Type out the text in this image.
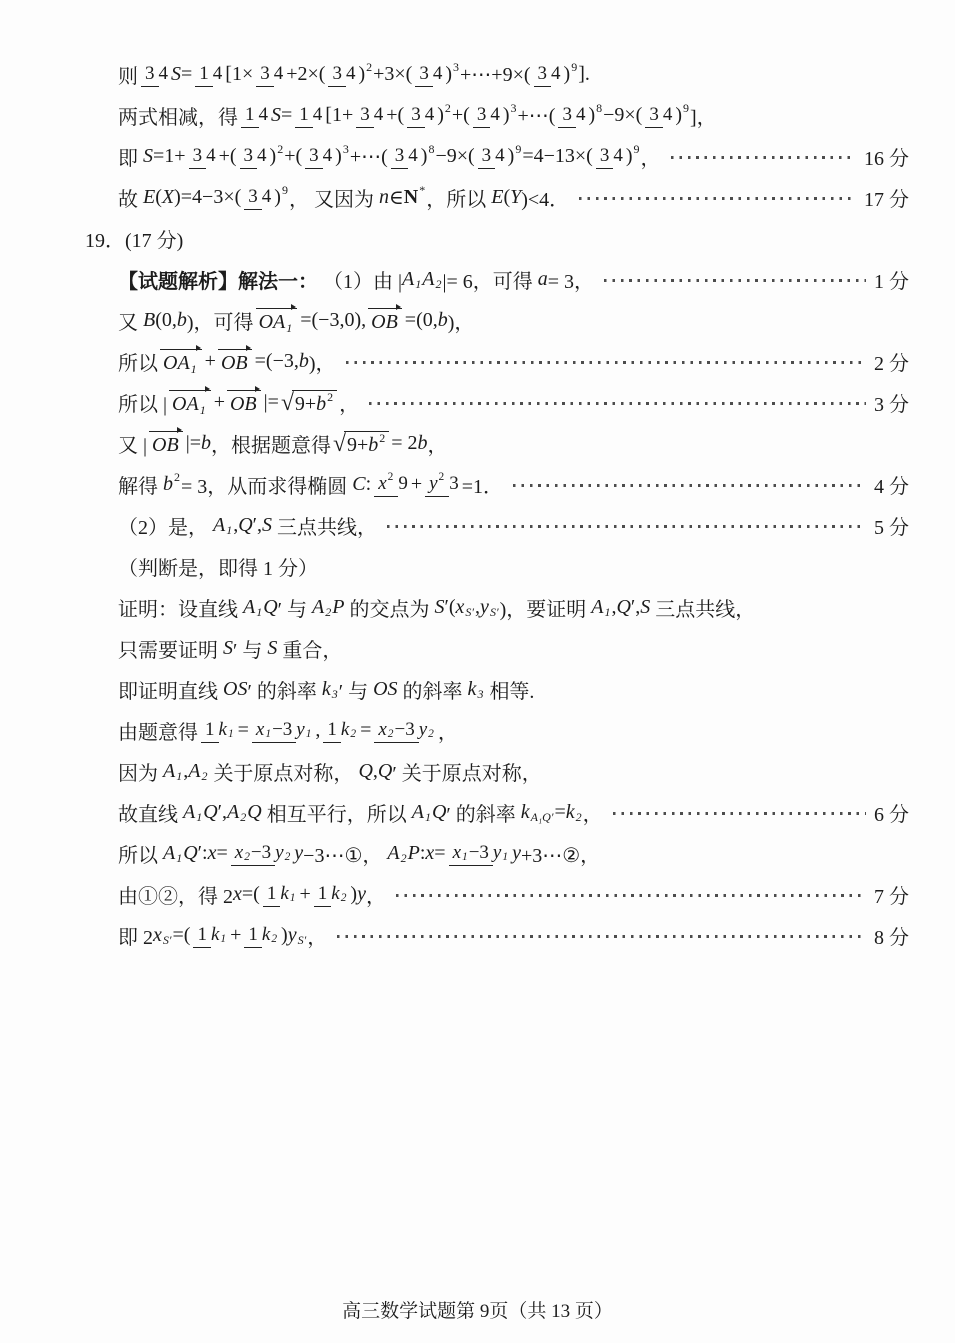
则 3 4 S = 1 4 [1× 3 4 +2×( 3 4 ) 2 +3×( 3 4 ) 3 +⋯+9×( 3 4 ) 9 ].
两式相减，得 1 4 S = 1 4 [1+ 3 4 +( 3 4 ) 2 +( 3 4 ) 3 +⋯( 3 4 ) 8 −9×( 3 4 ) 9 ]，
即 S =1+ 3 4 +( 3 4 ) 2 +( 3 4 ) 3 +⋯( 3 4 ) 8 −9×( 3 4 ) 9 =4−13×( 3 4 ) 9 ，	16 分
故 E ( X )=4−3×( 3 4 ) 9 ， 又因为 n ∈ N * ，所以 E ( Y )<4．	17 分
19．(17 分)
【试题解析】解法一： （1）由 | A 1 A 2 |= 6，可得 a = 3，	1 分
又 B (0, b )，可得 $OA_1 =(-3,0)$, OB =(0, b )，
所以 $OA_1$ + OB =(−3, b )，	2 分
所以 | $OA_1$ + OB |= √ 9+ b 2 ，	3 分
又 | OB |= b ，根据题意得 √ 9+ b 2 = 2 b ，
解得 b 2 = 3，从而求得椭圆 C : x 2 9 + y 2 3 =1．	4 分
（2）是， A 1 , Q ′, S 三点共线，	5 分
（判断是，即得 1 分）
证明：设直线 A 1 Q ′ 与 A 2 P 的交点为 S ′( x S′ , y S′ )，要证明 A 1 , Q ′, S 三点共线，
只需要证明 S ′ 与 S 重合，
即证明直线 OS ′ 的斜率 k 3 ′ 与 OS 的斜率 k 3 相等.
由题意得 1 k 1 = x 1 −3 y 1 , 1 k 2 = x 2 −3 y 2 ，
因为 A 1 , A 2 关于原点对称， Q , Q ′ 关于原点对称，
故直线 A 1 Q ′, A 2 Q 相互平行，所以 A 1 Q ′ 的斜率 k A₁Q′ = k 2 ，	6 分
所以 A 1 Q ′: x = x 2 −3 y 2 y −3⋯①， A 2 P : x = x 1 −3 y 1 y +3⋯②，
由①②，得 2 x =( 1 k 1 + 1 k 2 ) y ，	7 分
即 2 x S′ =( 1 k 1 + 1 k 2 ) y S′ ，	8 分
高三数学试题第 9页（共 13 页）
